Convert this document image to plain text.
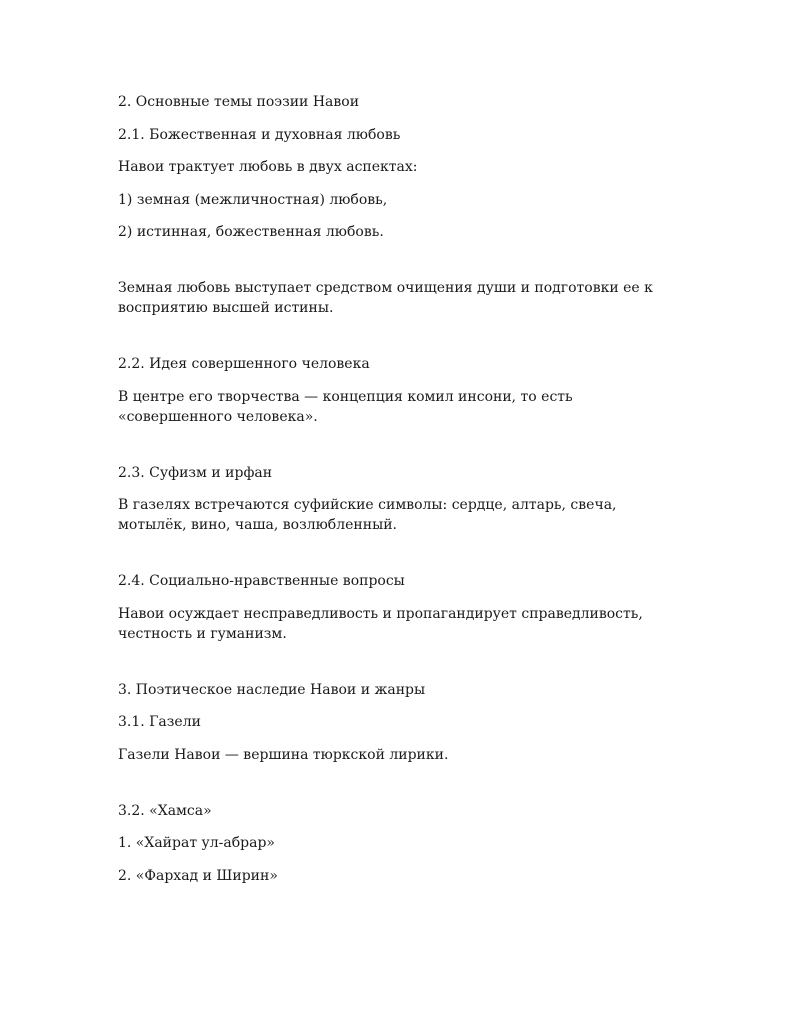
2. Основные темы поэзии Навои

2.1. Божественная и духовная любовь

Навои трактует любовь в двух аспектах:

1) земная (межличностная) любовь,

2) истинная, божественная любовь.

Земная любовь выступает средством очищения души и подготовки ее к восприятию высшей истины.

2.2. Идея совершенного человека

В центре его творчества — концепция комил инсони, то есть «совершенного человека».

2.3. Суфизм и ирфан

В газелях встречаются суфийские символы: сердце, алтарь, свеча, мотылёк, вино, чаша, возлюбленный.

2.4. Социально-нравственные вопросы

Навои осуждает несправедливость и пропагандирует справедливость, честность и гуманизм.

3. Поэтическое наследие Навои и жанры

3.1. Газели

Газели Навои — вершина тюркской лирики.

3.2. «Хамса»

1. «Хайрат ул-абрар»

2. «Фархад и Ширин»
